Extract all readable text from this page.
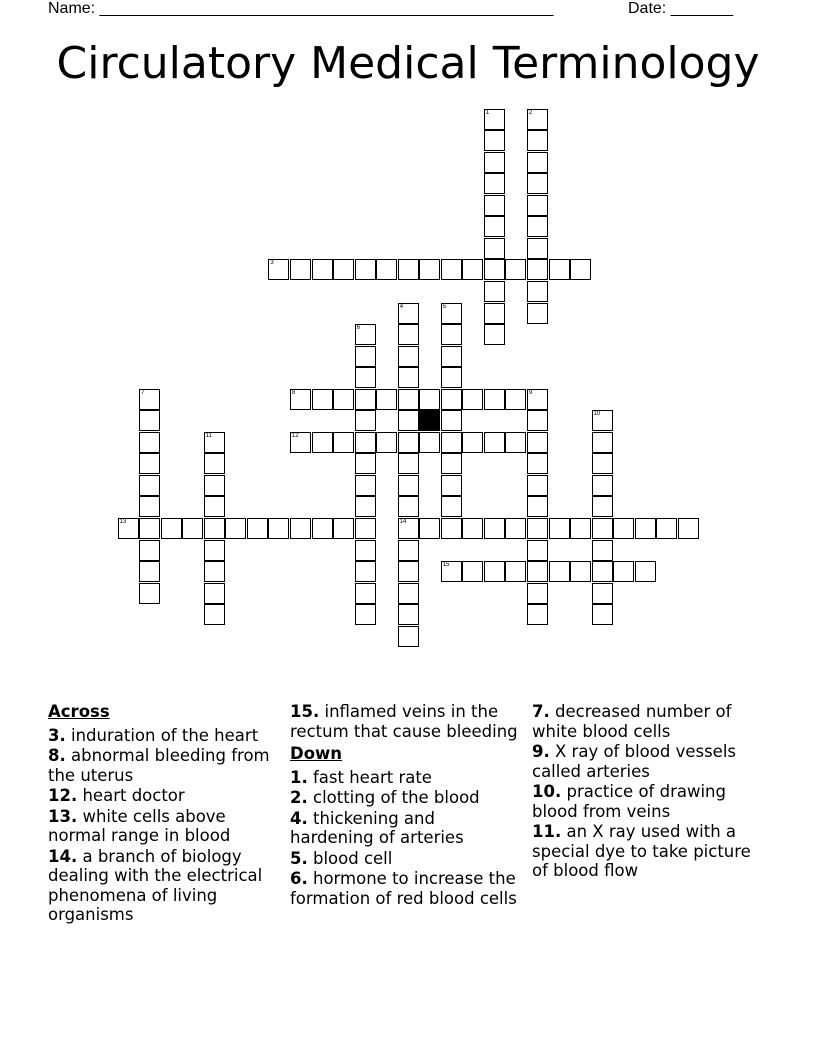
Name: ___________________________________________________	Date: _______
Circulatory Medical Terminology
1	2
3
4
14
5
6
7	8	9
10
11	12
13
15
Across
3. induration of the heart
8. abnormal bleeding from the uterus
12. heart doctor
13. white cells above normal range in blood
14. a branch of biology dealing with the electrical phenomena of living organisms
15. inflamed veins in the rectum that cause bleeding
Down
1. fast heart rate
2. clotting of the blood
4. thickening and hardening of arteries
5. blood cell
6. hormone to increase the formation of red blood cells
7. decreased number of white blood cells
9. X ray of blood vessels called arteries
10. practice of drawing blood from veins
11. an X ray used with a special dye to take picture of blood flow
